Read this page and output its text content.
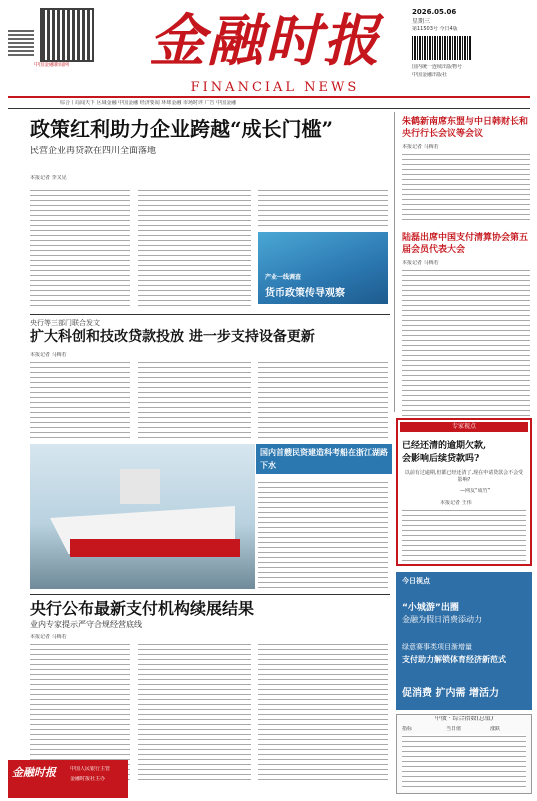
中国金融新闻网	金融时报
FINANCIAL NEWS
2026.05.06
星期三
第11503号 今日4版
国内统一连续出版物号
中国金融出版社
综合丨局闻天下 区域金融 中国金融 经济要闻 环球金融 市场时评 广告 中国金融
政策红利助力企业跨越“成长门槛”
民营企业再贷款在四川全面落地
本报记者 李又见
产业一线调查
货币政策传导观察
朱鹤新南席东盟与中日韩财长和央行行长会议等会议
本报记者 马梅若
陆磊出席中国支付清算协会第五届会员代表大会
本报记者 马梅若
央行等三部门联合发文
扩大科创和技改贷款投放 进一步支持设备更新
本报记者 马梅若
国内首艘民资建造科考船在浙江湖路下水
专家视点
已经还清的逾期欠款,
会影响后续贷款吗?
以前有过逾期,但都已经还清了,现在申请贷款会不会受影响?
—网友“成竹”
本报记者 王伟
央行公布最新支付机构续展结果
业内专家提示严守合规经营底线
本报记者 马梅若
今日视点
“小城游”出圈
金融为假日消费添动力
绿意赛事类项目渐增量
支付助力解锁体育经济新范式
促消费 扩内需 增活力
中债 · 综合指数(总值)
指标	当日值	涨跌
金融时报	中国人民银行主管
金融时报社主办
